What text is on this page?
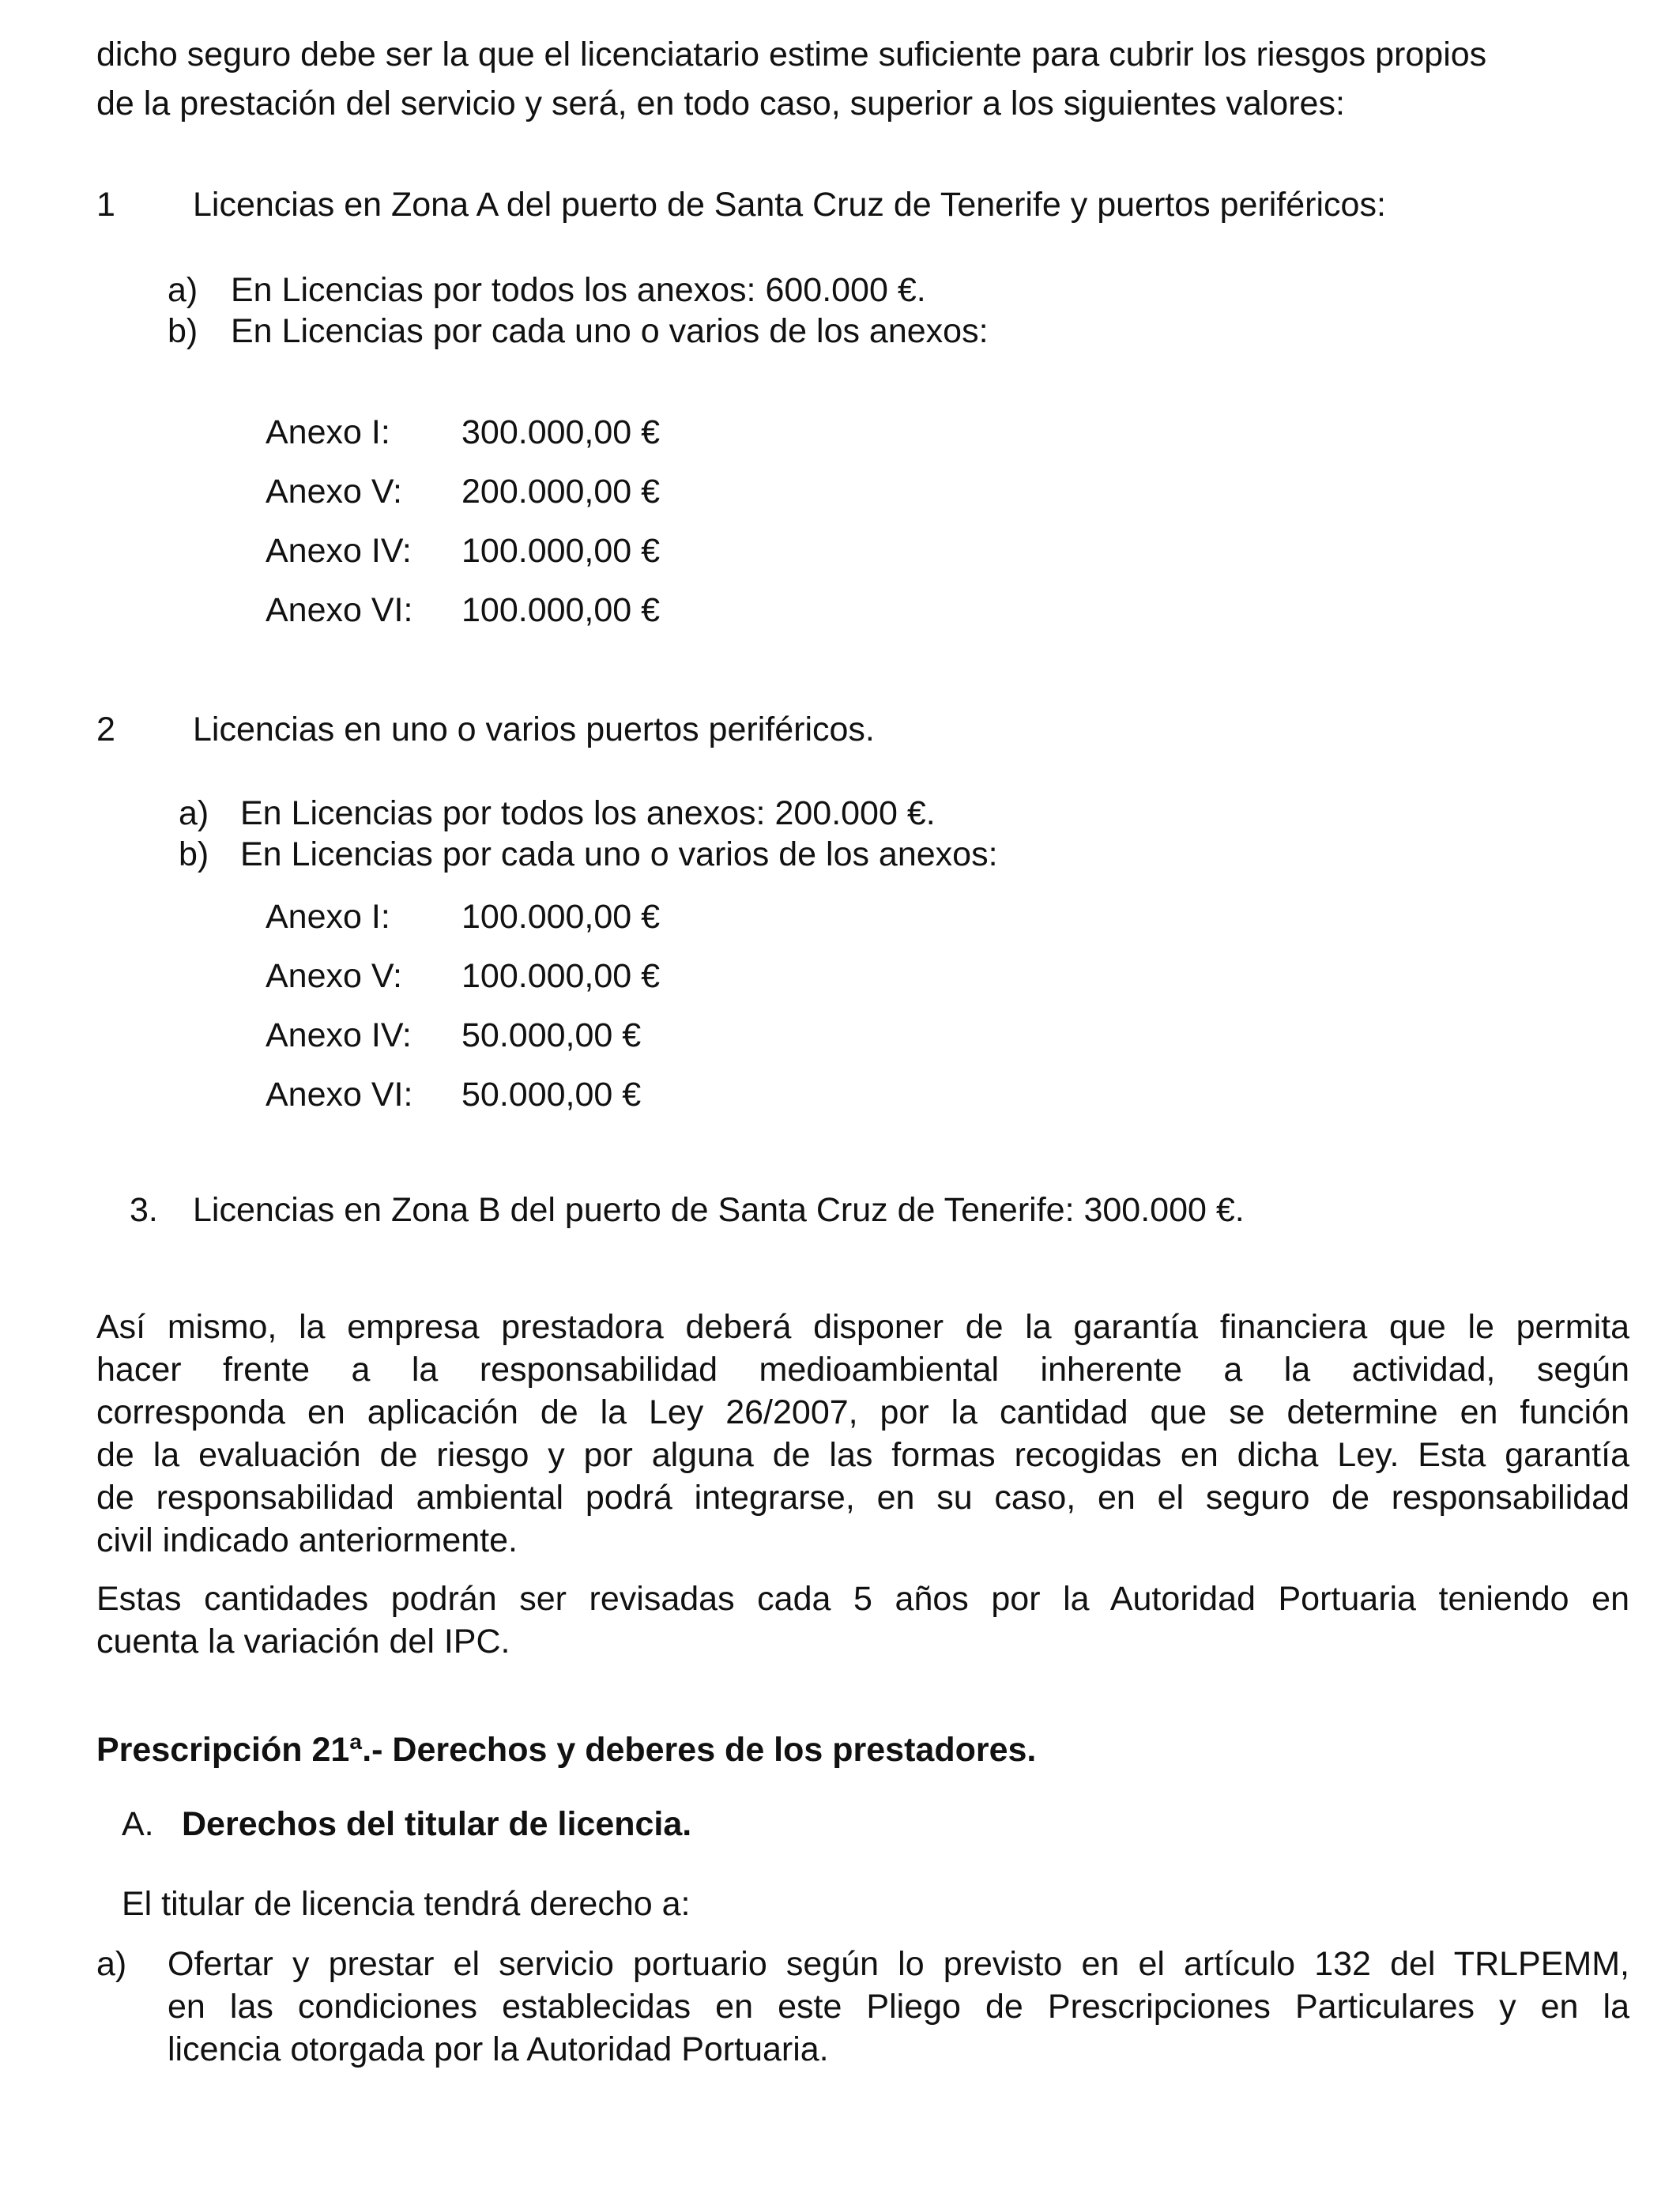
dicho seguro debe ser la que el licenciatario estime suficiente para cubrir los riesgos propios
de la prestación del servicio y será, en todo caso, superior a los siguientes valores:
1 Licencias en Zona A del puerto de Santa Cruz de Tenerife y puertos periféricos:
a) En Licencias por todos los anexos: 600.000 €.
b) En Licencias por cada uno o varios de los anexos:
Anexo I: 300.000,00 €
Anexo V: 200.000,00 €
Anexo IV: 100.000,00 €
Anexo VI: 100.000,00 €
2 Licencias en uno o varios puertos periféricos.
a) En Licencias por todos los anexos: 200.000 €.
b) En Licencias por cada uno o varios de los anexos:
Anexo I: 100.000,00 €
Anexo V: 100.000,00 €
Anexo IV: 50.000,00 €
Anexo VI: 50.000,00 €
3. Licencias en Zona B del puerto de Santa Cruz de Tenerife: 300.000 €.
Así mismo, la empresa prestadora deberá disponer de la garantía financiera que le permita
hacer frente a la responsabilidad medioambiental inherente a la actividad, según
corresponda en aplicación de la Ley 26/2007, por la cantidad que se determine en función
de la evaluación de riesgo y por alguna de las formas recogidas en dicha Ley. Esta garantía
de responsabilidad ambiental podrá integrarse, en su caso, en el seguro de responsabilidad
civil indicado anteriormente.
Estas cantidades podrán ser revisadas cada 5 años por la Autoridad Portuaria teniendo en
cuenta la variación del IPC.
Prescripción 21ª.- Derechos y deberes de los prestadores.
A. Derechos del titular de licencia.
El titular de licencia tendrá derecho a:
a) Ofertar y prestar el servicio portuario según lo previsto en el artículo 132 del TRLPEMM,
en las condiciones establecidas en este Pliego de Prescripciones Particulares y en la
licencia otorgada por la Autoridad Portuaria.
